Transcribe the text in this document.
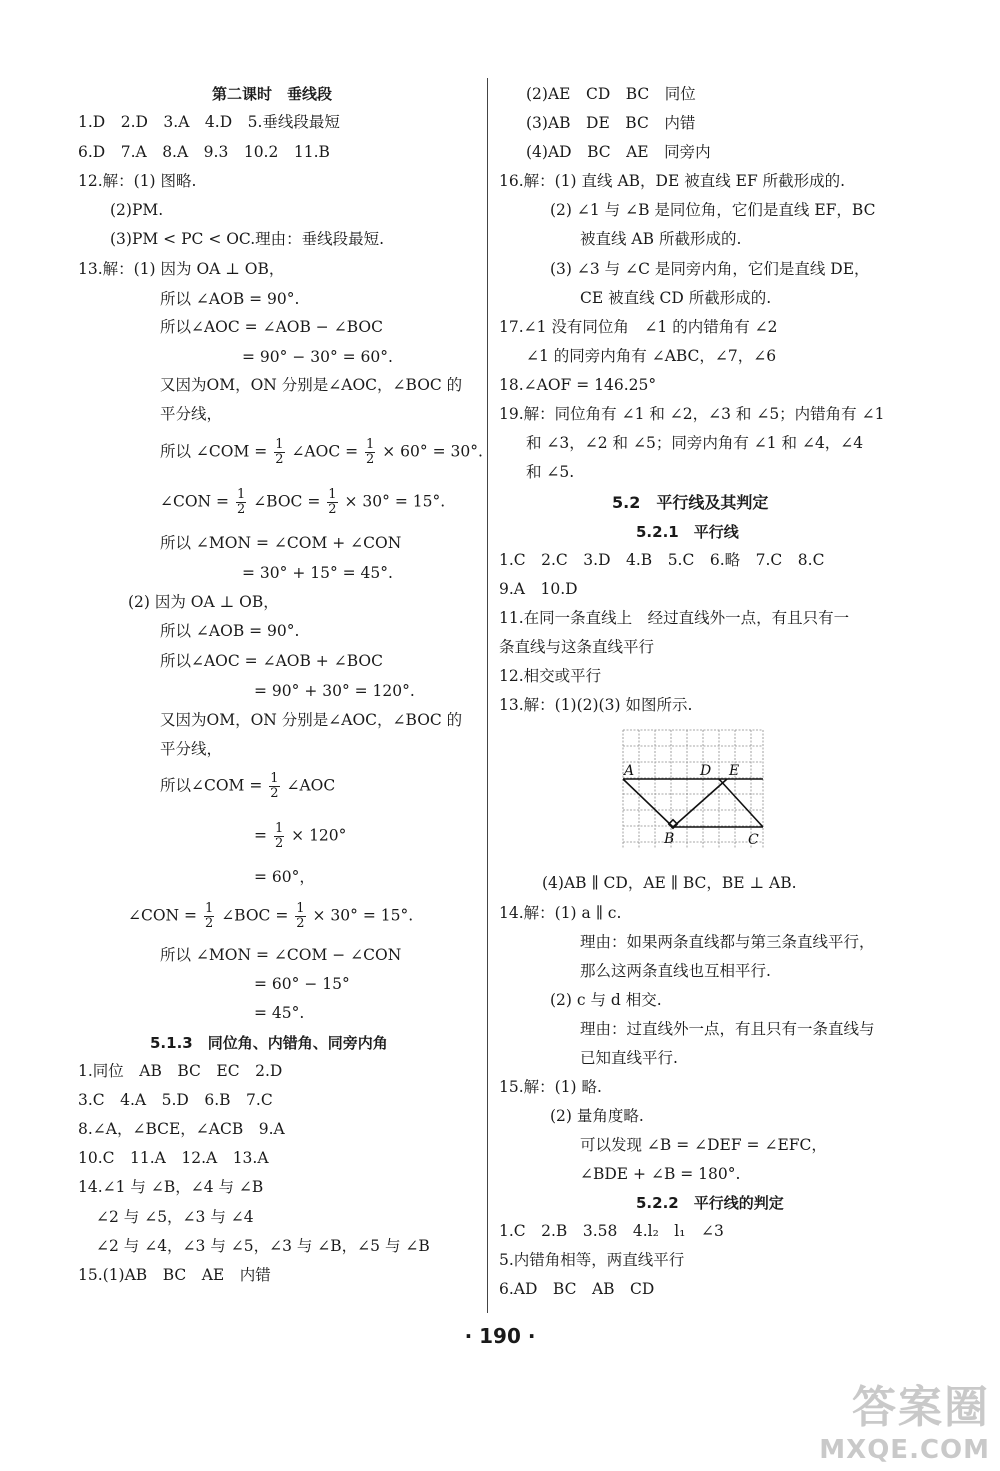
第二课时　垂线段
1.D　2.D　3.A　4.D　5.垂线段最短
6.D　7.A　8.A　9.3　10.2　11.B
12.解：(1) 图略.
(2)PM.
(3)PM < PC < OC.理由：垂线段最短.
13.解：(1) 因为 OA ⊥ OB，
所以 ∠AOB = 90°.
所以∠AOC = ∠AOB − ∠BOC
= 90° − 30° = 60°.
又因为OM，ON 分别是∠AOC，∠BOC 的
平分线，
所以 ∠COM = $\frac{1}{2}$ ∠AOC = $\frac{1}{2} \times 60^\circ = 30^\circ$.
∠CON = $\frac{1}{2}$ ∠BOC = $\frac{1}{2} \times 30^\circ = 15^\circ$.
所以 ∠MON = ∠COM + ∠CON
= 30° + 15° = 45°.
(2) 因为 OA ⊥ OB，
所以 ∠AOB = 90°.
所以∠AOC = ∠AOB + ∠BOC
= 90° + 30° = 120°.
又因为OM，ON 分别是∠AOC，∠BOC 的
平分线，
所以∠COM = $\frac{1}{2}$ ∠AOC
= $\frac{1}{2} \times 120^\circ$
= 60°，
∠CON = $\frac{1}{2}$ ∠BOC = $\frac{1}{2} \times 30^\circ = 15^\circ$.
所以 ∠MON = ∠COM − ∠CON
= 60° − 15°
= 45°.
5.1.3　同位角、内错角、同旁内角
1.同位　AB　BC　EC　2.D
3.C　4.A　5.D　6.B　7.C
8.∠A，∠BCE，∠ACB　9.A
10.C　11.A　12.A　13.A
14.∠1 与 ∠B，∠4 与 ∠B
∠2 与 ∠5，∠3 与 ∠4
∠2 与 ∠4，∠3 与 ∠5，∠3 与 ∠B，∠5 与 ∠B
15.(1)AB　BC　AE　内错
(2)AE　CD　BC　同位
(3)AB　DE　BC　内错
(4)AD　BC　AE　同旁内
16.解：(1) 直线 AB，DE 被直线 EF 所截形成的.
(2) ∠1 与 ∠B 是同位角，它们是直线 EF，BC
被直线 AB 所截形成的.
(3) ∠3 与 ∠C 是同旁内角，它们是直线 DE，
CE 被直线 CD 所截形成的.
17.∠1 没有同位角　∠1 的内错角有 ∠2
∠1 的同旁内角有 ∠ABC，∠7，∠6
18.∠AOF = 146.25°
19.解：同位角有 ∠1 和 ∠2，∠3 和 ∠5；内错角有 ∠1
和 ∠3，∠2 和 ∠5；同旁内角有 ∠1 和 ∠4，∠4
和 ∠5.
5.2　平行线及其判定
5.2.1　平行线
1.C　2.C　3.D　4.B　5.C　6.略　7.C　8.C
9.A　10.D
11.在同一条直线上　经过直线外一点，有且只有一
条直线与这条直线平行
12.相交或平行
13.解：(1)(2)(3) 如图所示.
A	D E
B	C
(4)AB ∥ CD，AE ∥ BC，BE ⊥ AB.
14.解：(1) a ∥ c.
理由：如果两条直线都与第三条直线平行，
那么这两条直线也互相平行.
(2) c 与 d 相交.
理由：过直线外一点，有且只有一条直线与
已知直线平行.
15.解：(1) 略.
(2) 量角度略.
可以发现 ∠B = ∠DEF = ∠EFC，
∠BDE + ∠B = 180°.
5.2.2　平行线的判定
1.C　2.B　3.58　4.l₂　l₁　∠3
5.内错角相等，两直线平行
6.AD　BC　AB　CD
· 190 ·
答案圈
MXQE.COM
